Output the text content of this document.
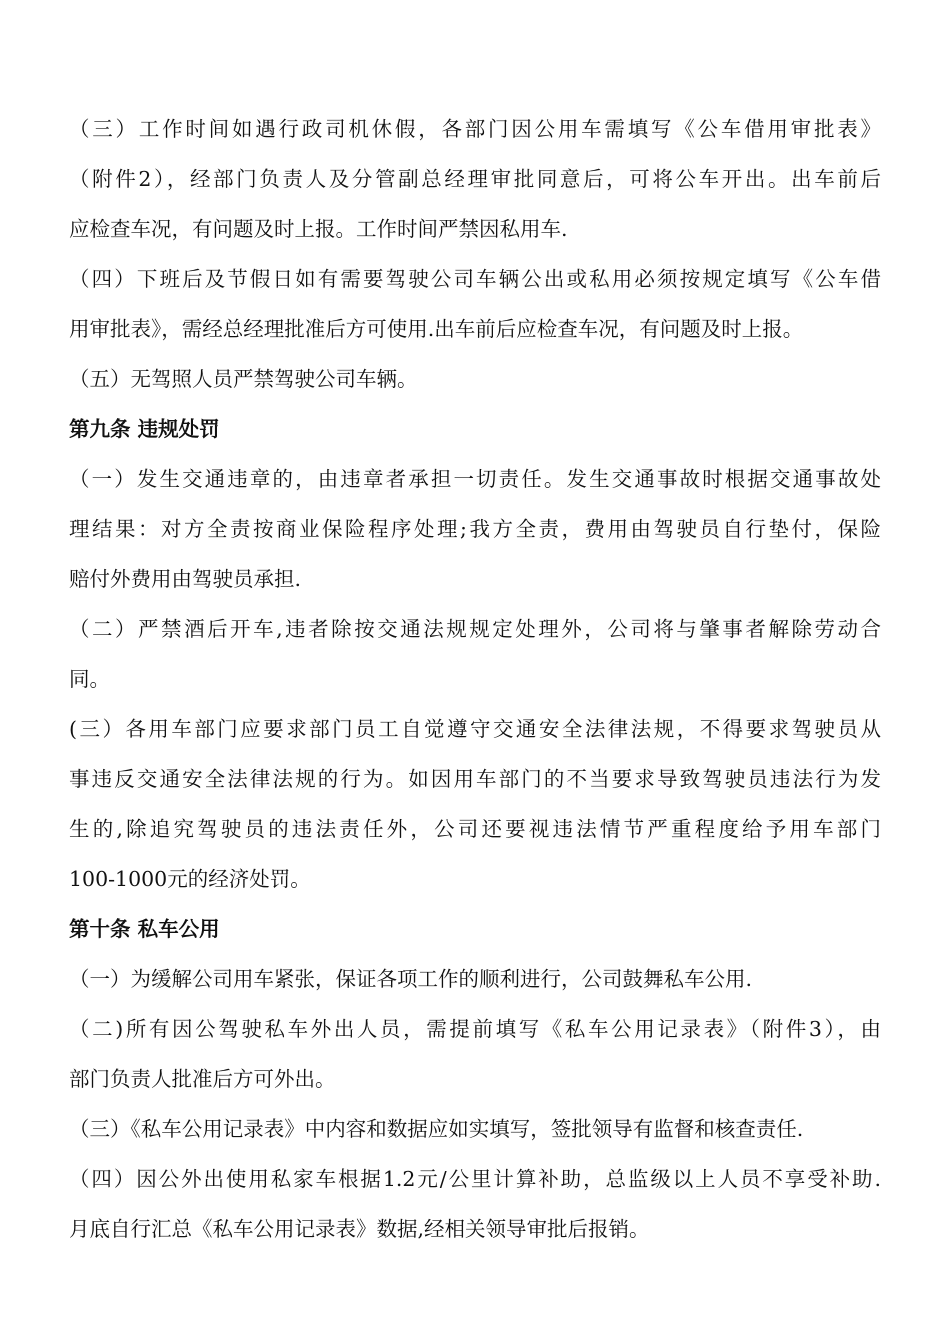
（三）工作时间如遇行政司机休假，各部门因公用车需填写《公车借用审批表》
（附件2），经部门负责人及分管副总经理审批同意后，可将公车开出。出车前后
应检查车况，有问题及时上报。工作时间严禁因私用车.
（四）下班后及节假日如有需要驾驶公司车辆公出或私用必须按规定填写《公车借
用审批表》，需经总经理批准后方可使用.出车前后应检查车况，有问题及时上报。
（五）无驾照人员严禁驾驶公司车辆。
第九条 违规处罚
（一）发生交通违章的，由违章者承担一切责任。发生交通事故时根据交通事故处
理结果：对方全责按商业保险程序处理;我方全责，费用由驾驶员自行垫付，保险
赔付外费用由驾驶员承担.
（二）严禁酒后开车,违者除按交通法规规定处理外，公司将与肇事者解除劳动合
同。
(三）各用车部门应要求部门员工自觉遵守交通安全法律法规，不得要求驾驶员从
事违反交通安全法律法规的行为。如因用车部门的不当要求导致驾驶员违法行为发
生的,除追究驾驶员的违法责任外，公司还要视违法情节严重程度给予用车部门
100-1000元的经济处罚。
第十条 私车公用
（一）为缓解公司用车紧张，保证各项工作的顺利进行，公司鼓舞私车公用.
（二)所有因公驾驶私车外出人员，需提前填写《私车公用记录表》（附件3），由
部门负责人批准后方可外出。
（三）《私车公用记录表》中内容和数据应如实填写，签批领导有监督和核查责任.
（四）因公外出使用私家车根据1.2元/公里计算补助，总监级以上人员不享受补助.
月底自行汇总《私车公用记录表》数据,经相关领导审批后报销。
